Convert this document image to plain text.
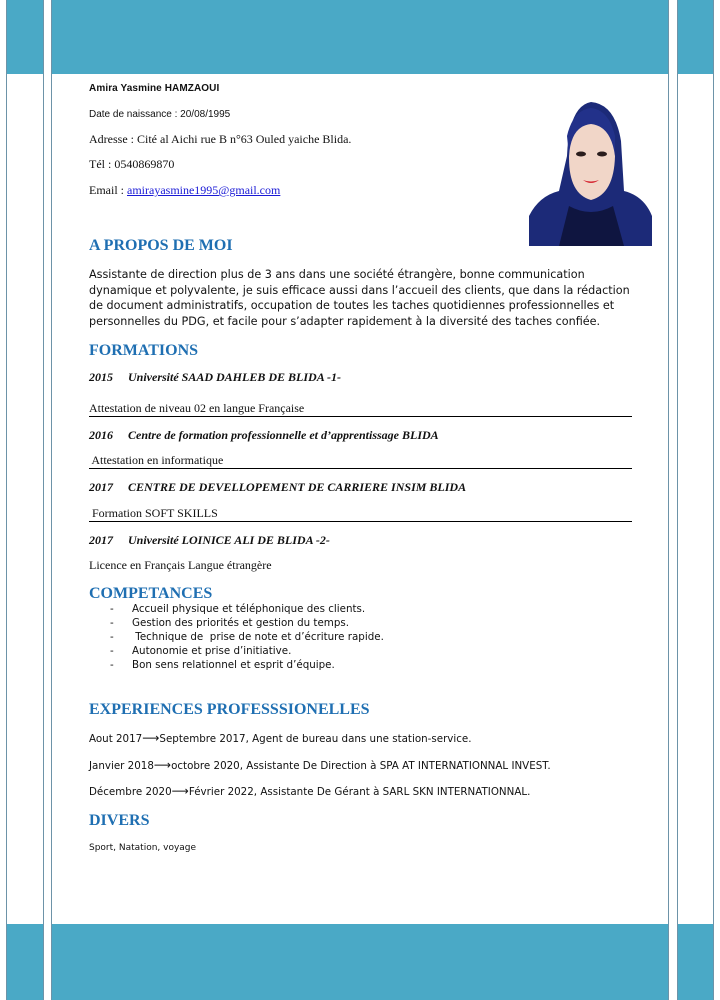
Amira Yasmine HAMZAOUI
Date de naissance : 20/08/1995
Adresse : Cité al Aichi rue B n°63 Ouled yaiche Blida.
Tél : 0540869870
Email : amirayasmine1995@gmail.com
A PROPOS DE MOI
Assistante de direction plus de 3 ans dans une société étrangère, bonne communication
dynamique et polyvalente, je suis efficace aussi dans l’accueil des clients, que dans la rédaction
de document administratifs, occupation de toutes les taches quotidiennes professionnelles et
personnelles du PDG, et facile pour s’adapter rapidement à la diversité des taches confiée.
FORMATIONS
2015 Université SAAD DAHLEB DE BLIDA -1-
Attestation de niveau 02 en langue Française
2016 Centre de formation professionnelle et d’apprentissage BLIDA
Attestation en informatique
2017 CENTRE DE DEVELLOPEMENT DE CARRIERE INSIM BLIDA
Formation SOFT SKILLS
2017 Université LOINICE ALI DE BLIDA -2-
Licence en Français Langue étrangère
COMPETANCES
-	Accueil physique et téléphonique des clients.
-	Gestion des priorités et gestion du temps.
-	Technique de  prise de note et d’écriture rapide.
-	Autonomie et prise d’initiative.
-	Bon sens relationnel et esprit d’équipe.
EXPERIENCES PROFESSSIONELLES
Aout 2017⟶Septembre 2017, Agent de bureau dans une station-service.
Janvier 2018⟶octobre 2020, Assistante De Direction à SPA AT INTERNATIONNAL INVEST.
Décembre 2020⟶Février 2022, Assistante De Gérant à SARL SKN INTERNATIONNAL.
DIVERS
Sport, Natation, voyage
